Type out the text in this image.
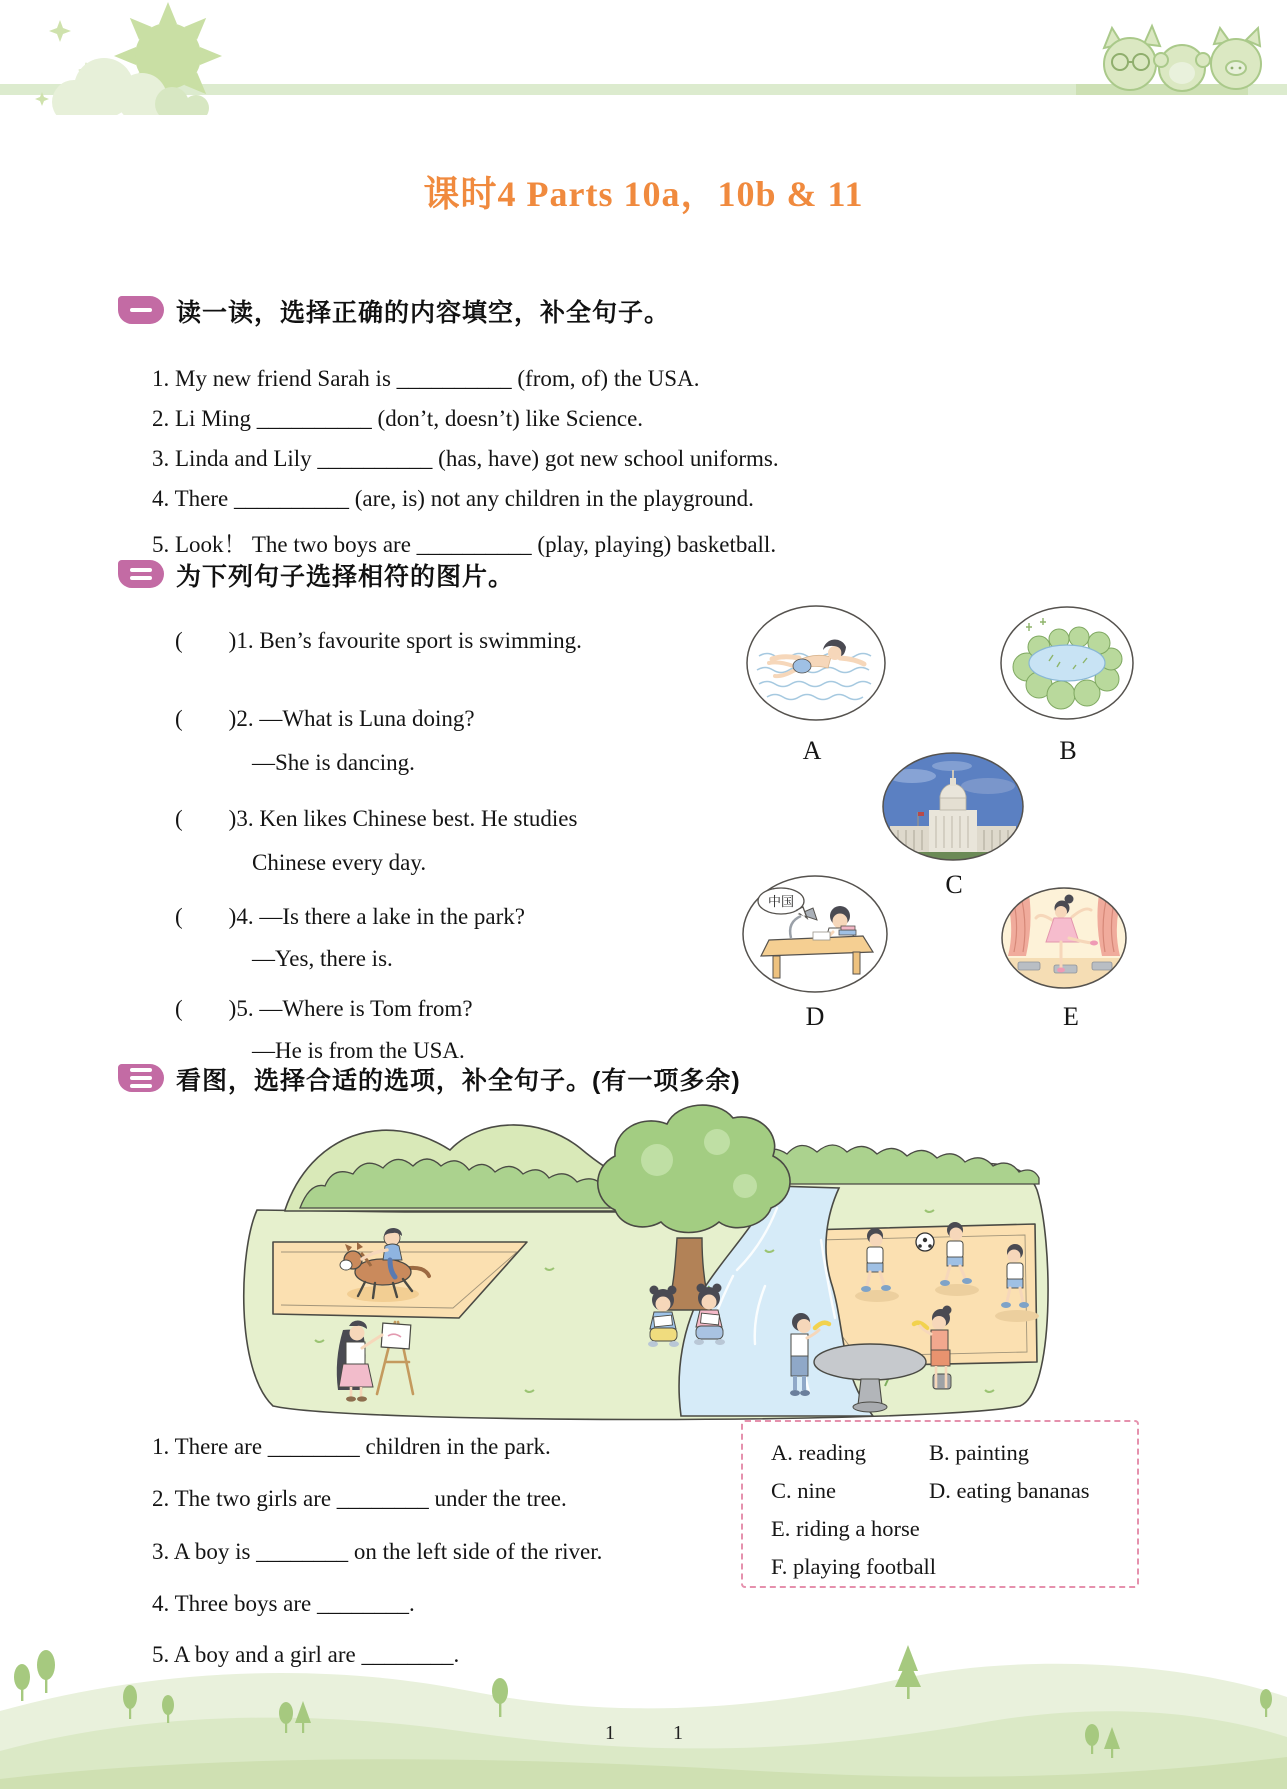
课时4 Parts 10a，10b & 11
读一读，选择正确的内容填空，补全句子。
1. My new friend Sarah is __________ (from, of) the USA.
2. Li Ming __________ (don’t, doesn’t) like Science.
3. Linda and Lily __________ (has, have) got new school uniforms.
4. There __________ (are, is) not any children in the playground.
5. Look！ The two boys are __________ (play, playing) basketball.
为下列句子选择相符的图片。
(　　)1. Ben’s favourite sport is swimming.
(　　)2. —What is Luna doing?
—She is dancing.
(　　)3. Ken likes Chinese best. He studies
Chinese every day.
(　　)4. —Is there a lake in the park?
—Yes, there is.
(　　)5. —Where is Tom from?
—He is from the USA.
中国
A	B
C
D	E
看图，选择合适的选项，补全句子。(有一项多余)
1. There are ________ children in the park.
2. The two girls are ________ under the tree.
3. A boy is ________ on the left side of the river.
4. Three boys are ________.
5. A boy and a girl are ________.
A. reading	B. painting
C. nine	D. eating bananas
E. riding a horse
F. playing football
1	1
